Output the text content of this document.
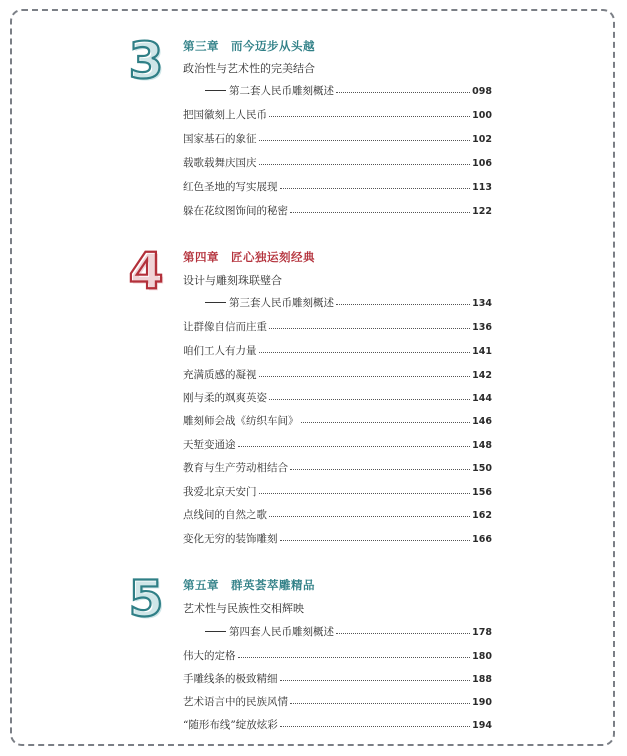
3	第三章　而今迈步从头越
政治性与艺术性的完美结合
第二套人民币雕刻概述	098
把国徽刻上人民币	100
国家基石的象征	102
载歌载舞庆国庆	106
红色圣地的写实展现	113
躲在花纹图饰间的秘密	122
4	第四章　匠心独运刻经典
设计与雕刻珠联璧合
第三套人民币雕刻概述	134
让群像自信而庄重	136
咱们工人有力量	141
充满质感的凝视	142
刚与柔的飒爽英姿	144
雕刻师会战《纺织车间》	146
天堑变通途	148
教育与生产劳动相结合	150
我爱北京天安门	156
点线间的自然之歌	162
变化无穷的装饰雕刻	166
5	第五章　群英荟萃雕精品
艺术性与民族性交相辉映
第四套人民币雕刻概述	178
伟大的定格	180
手雕线条的极致精细	188
艺术语言中的民族风情	190
“随形布线”绽放炫彩	194
